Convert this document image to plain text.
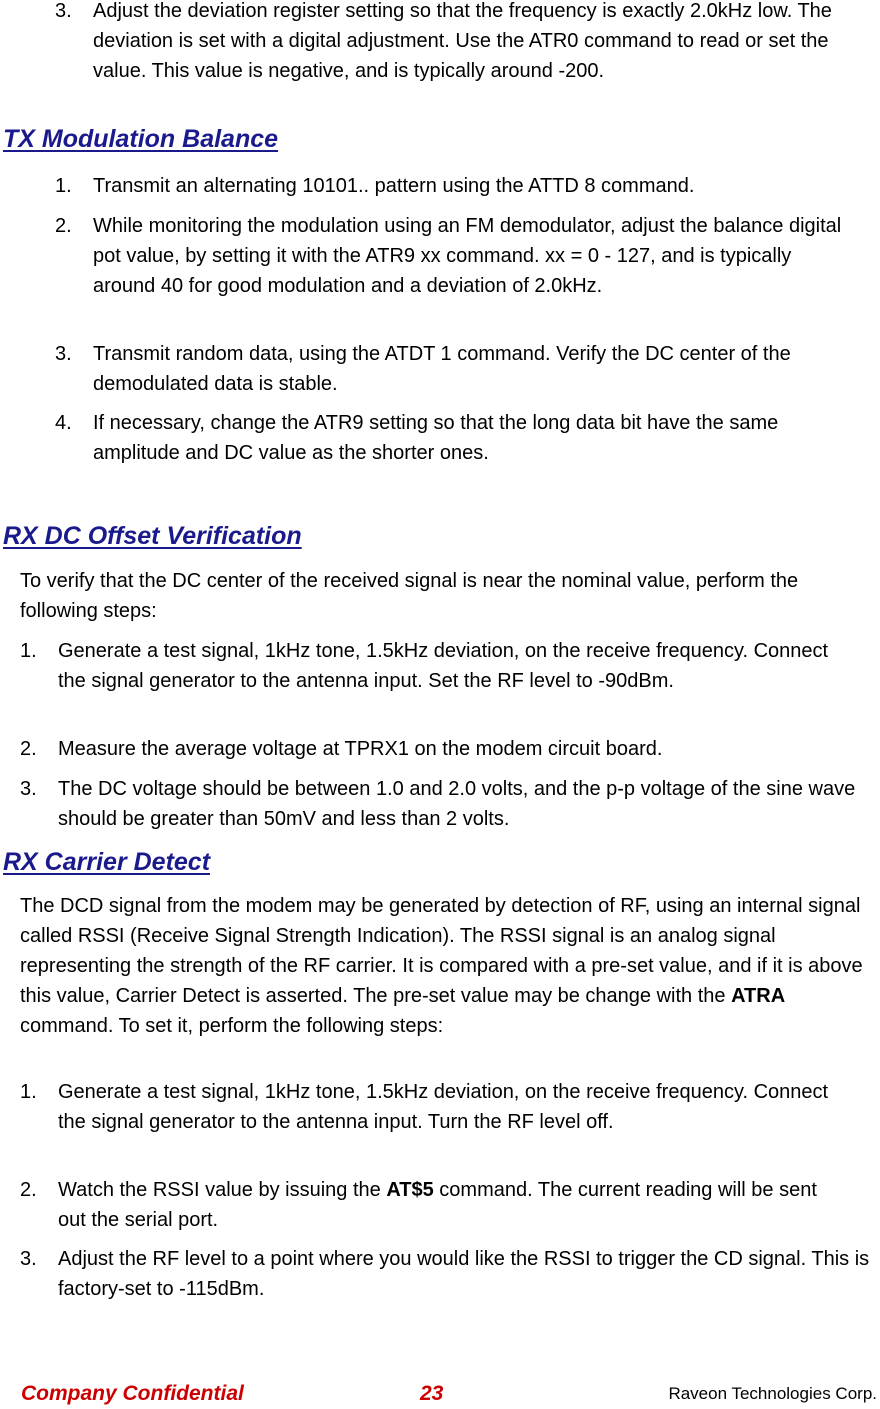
3. Adjust the deviation register setting so that the frequency is exactly 2.0kHz low. The deviation is set with a digital adjustment. Use the ATR0 command to read or set the value. This value is negative, and is typically around -200.
TX Modulation Balance
1. Transmit an alternating 10101.. pattern using the ATTD 8 command.
2. While monitoring the modulation using an FM demodulator, adjust the balance digital pot value, by setting it with the ATR9 xx command. xx = 0 - 127, and is typically around 40 for good modulation and a deviation of 2.0kHz.
3. Transmit random data, using the ATDT 1 command. Verify the DC center of the demodulated data is stable.
4. If necessary, change the ATR9 setting so that the long data bit have the same amplitude and DC value as the shorter ones.
RX DC Offset Verification

To verify that the DC center of the received signal is near the nominal value, perform the following steps:

1. Generate a test signal, 1kHz tone, 1.5kHz deviation, on the receive frequency. Connect the signal generator to the antenna input. Set the RF level to -90dBm.
2. Measure the average voltage at TPRX1 on the modem circuit board.
3. The DC voltage should be between 1.0 and 2.0 volts, and the p-p voltage of the sine wave should be greater than 50mV and less than 2 volts.
RX Carrier Detect

The DCD signal from the modem may be generated by detection of RF, using an internal signal called RSSI (Receive Signal Strength Indication). The RSSI signal is an analog signal representing the strength of the RF carrier. It is compared with a pre-set value, and if it is above this value, Carrier Detect is asserted. The pre-set value may be change with the ATRA command. To set it, perform the following steps:

1. Generate a test signal, 1kHz tone, 1.5kHz deviation, on the receive frequency. Connect the signal generator to the antenna input. Turn the RF level off.
2. Watch the RSSI value by issuing the AT$5 command. The current reading will be sent out the serial port.
3. Adjust the RF level to a point where you would like the RSSI to trigger the CD signal. This is factory-set to -115dBm.
Company Confidential	23	Raveon Technologies Corp.
